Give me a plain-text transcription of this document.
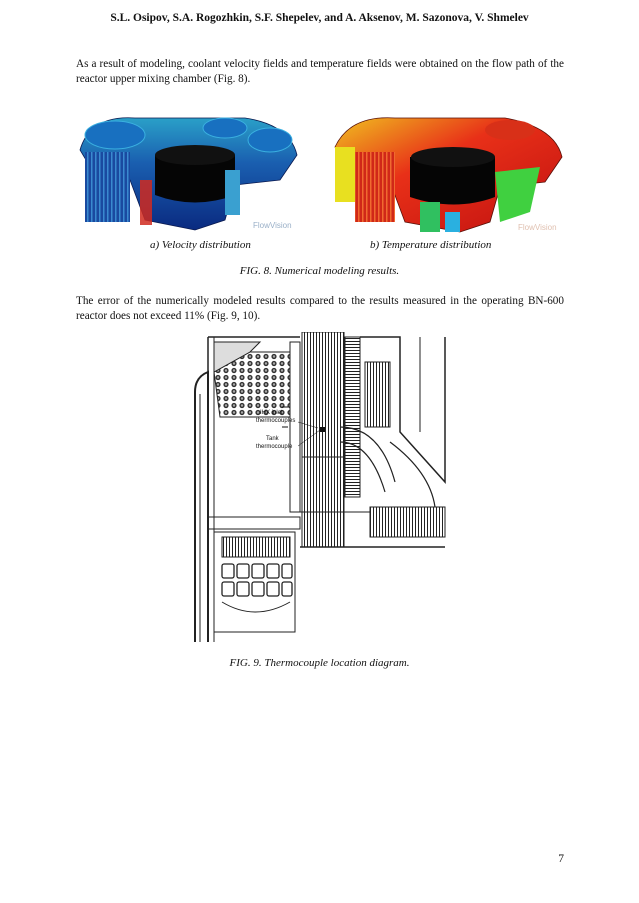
S.L. Osipov, S.A. Rogozhkin, S.F. Shepelev, and A. Aksenov, M. Sazonova, V. Shmelev
As a result of modeling, coolant velocity fields and temperature fields were obtained on the flow path of the reactor upper mixing chamber (Fig. 8).
FlowVision	FlowVision
a) Velocity distribution	b) Temperature distribution
FIG. 8. Numerical modeling results.
The error of the numerically modeled results compared to the results measured in the operating BN-600 reactor does not exceed 11% (Fig. 9, 10).
IHX inlet
thermocouples
Tank
thermocouple
FIG. 9. Thermocouple location diagram.
7
